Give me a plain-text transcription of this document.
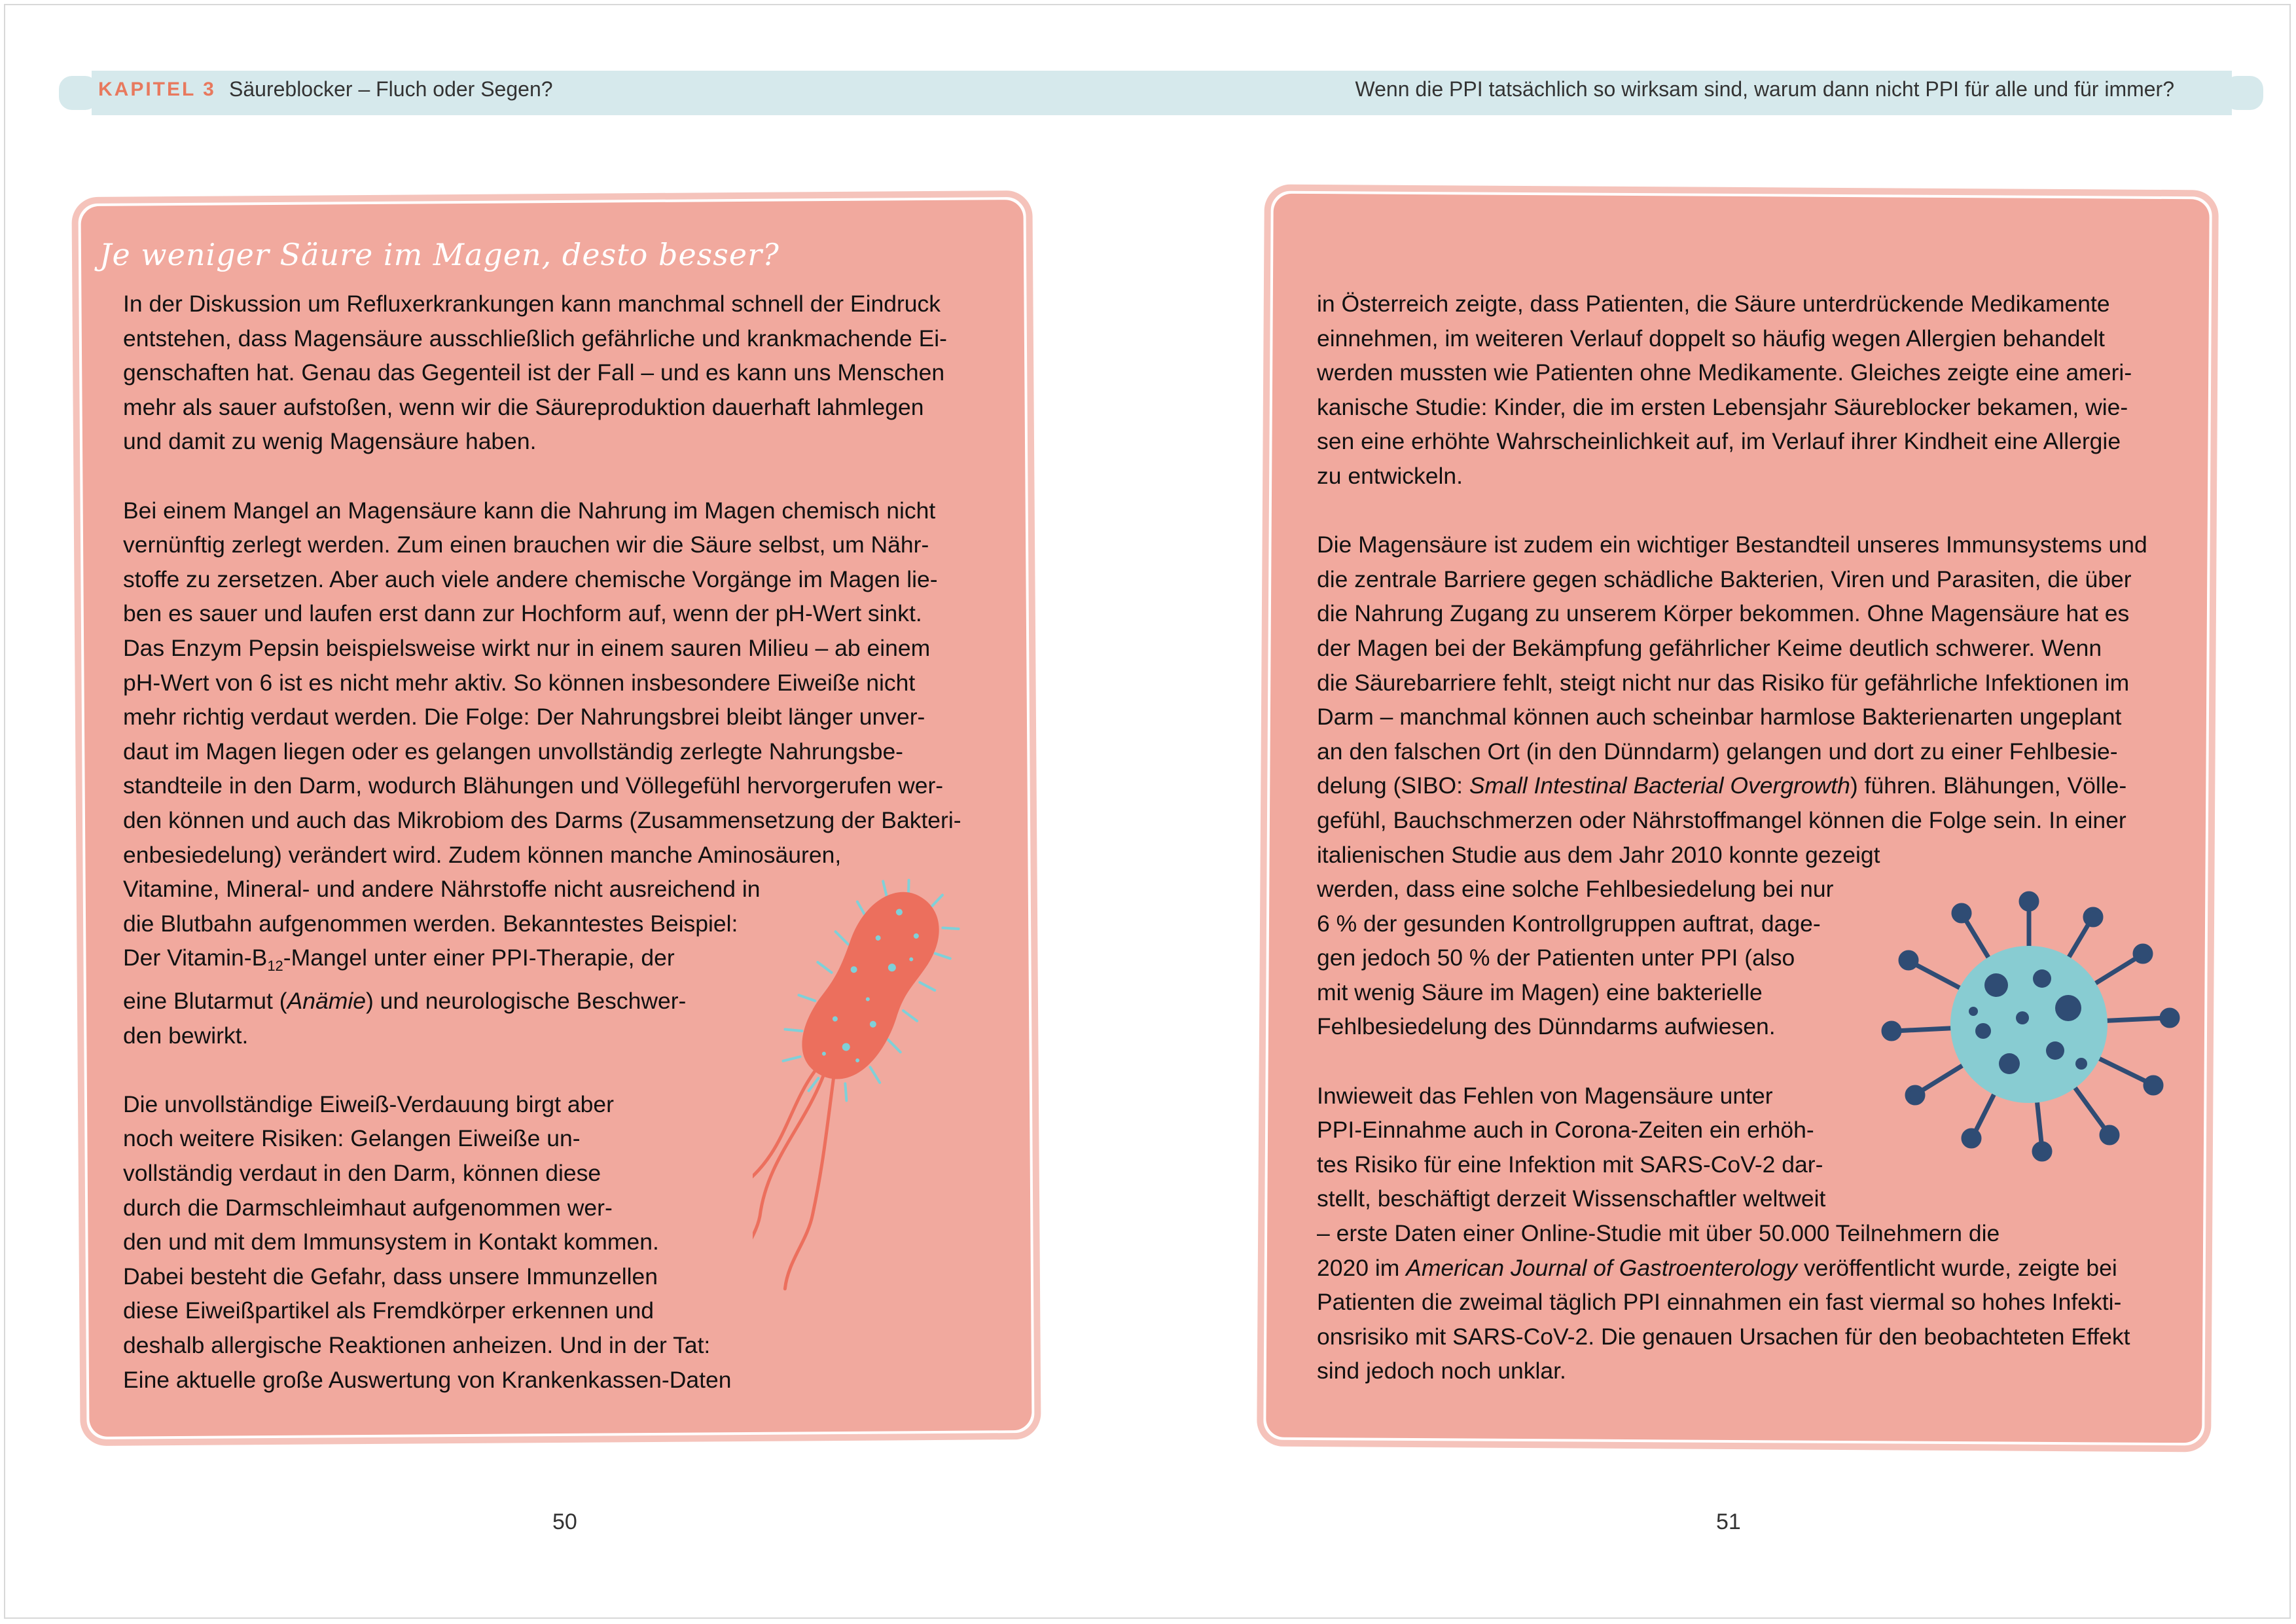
KAPITEL 3 Säureblocker – Fluch oder Segen?	Wenn die PPI tatsächlich so wirksam sind, warum dann nicht PPI für alle und für immer?
Je weniger Säure im Magen, desto besser?

In der Diskussion um Refluxerkrankungen kann manchmal schnell der Eindruck
entstehen, dass Magensäure ausschließlich gefährliche und krankmachende Ei-
genschaften hat. Genau das Gegenteil ist der Fall – und es kann uns Menschen
mehr als sauer aufstoßen, wenn wir die Säureproduktion dauerhaft lahmlegen
und damit zu wenig Magensäure haben.

Bei einem Mangel an Magensäure kann die Nahrung im Magen chemisch nicht
vernünftig zerlegt werden. Zum einen brauchen wir die Säure selbst, um Nähr-
stoffe zu zersetzen. Aber auch viele andere chemische Vorgänge im Magen lie-
ben es sauer und laufen erst dann zur Hochform auf, wenn der pH-Wert sinkt.
Das Enzym Pepsin beispielsweise wirkt nur in einem sauren Milieu – ab einem
pH-Wert von 6 ist es nicht mehr aktiv. So können insbesondere Eiweiße nicht
mehr richtig verdaut werden. Die Folge: Der Nahrungsbrei bleibt länger unver-
daut im Magen liegen oder es gelangen unvollständig zerlegte Nahrungsbe-
standteile in den Darm, wodurch Blähungen und Völlegefühl hervorgerufen wer-
den können und auch das Mikrobiom des Darms (Zusammensetzung der Bakteri-
enbesiedelung) verändert wird. Zudem können manche Aminosäuren,
Vitamine, Mineral- und andere Nährstoffe nicht ausreichend in
die Blutbahn aufgenommen werden. Bekanntestes Beispiel:
Der Vitamin-$B_{12}$-Mangel unter einer PPI-Therapie, der
eine Blutarmut (Anämie) und neurologische Beschwer-
den bewirkt.

Die unvollständige Eiweiß-Verdauung birgt aber
noch weitere Risiken: Gelangen Eiweiße un-
vollständig verdaut in den Darm, können diese
durch die Darmschleimhaut aufgenommen wer-
den und mit dem Immunsystem in Kontakt kommen.
Dabei besteht die Gefahr, dass unsere Immunzellen
diese Eiweißpartikel als Fremdkörper erkennen und
deshalb allergische Reaktionen anheizen. Und in der Tat:
Eine aktuelle große Auswertung von Krankenkassen-Daten

in Österreich zeigte, dass Patienten, die Säure unterdrückende Medikamente
einnehmen, im weiteren Verlauf doppelt so häufig wegen Allergien behandelt
werden mussten wie Patienten ohne Medikamente. Gleiches zeigte eine ameri-
kanische Studie: Kinder, die im ersten Lebensjahr Säureblocker bekamen, wie-
sen eine erhöhte Wahrscheinlichkeit auf, im Verlauf ihrer Kindheit eine Allergie
zu entwickeln.

Die Magensäure ist zudem ein wichtiger Bestandteil unseres Immunsystems und
die zentrale Barriere gegen schädliche Bakterien, Viren und Parasiten, die über
die Nahrung Zugang zu unserem Körper bekommen. Ohne Magensäure hat es
der Magen bei der Bekämpfung gefährlicher Keime deutlich schwerer. Wenn
die Säurebarriere fehlt, steigt nicht nur das Risiko für gefährliche Infektionen im
Darm – manchmal können auch scheinbar harmlose Bakterienarten ungeplant
an den falschen Ort (in den Dünndarm) gelangen und dort zu einer Fehlbesie-
delung (SIBO: Small Intestinal Bacterial Overgrowth) führen. Blähungen, Völle-
gefühl, Bauchschmerzen oder Nährstoffmangel können die Folge sein. In einer
italienischen Studie aus dem Jahr 2010 konnte gezeigt
werden, dass eine solche Fehlbesiedelung bei nur
6 % der gesunden Kontrollgruppen auftrat, dage-
gen jedoch 50 % der Patienten unter PPI (also
mit wenig Säure im Magen) eine bakterielle
Fehlbesiedelung des Dünndarms aufwiesen.

Inwieweit das Fehlen von Magensäure unter
PPI-Einnahme auch in Corona-Zeiten ein erhöh-
tes Risiko für eine Infektion mit SARS-CoV-2 dar-
stellt, beschäftigt derzeit Wissenschaftler weltweit
– erste Daten einer Online-Studie mit über 50.000 Teilnehmern die
2020 im American Journal of Gastroenterology veröffentlicht wurde, zeigte bei
Patienten die zweimal täglich PPI einnahmen ein fast viermal so hohes Infekti-
onsrisiko mit SARS-CoV-2. Die genauen Ursachen für den beobachteten Effekt
sind jedoch noch unklar.

50	51
